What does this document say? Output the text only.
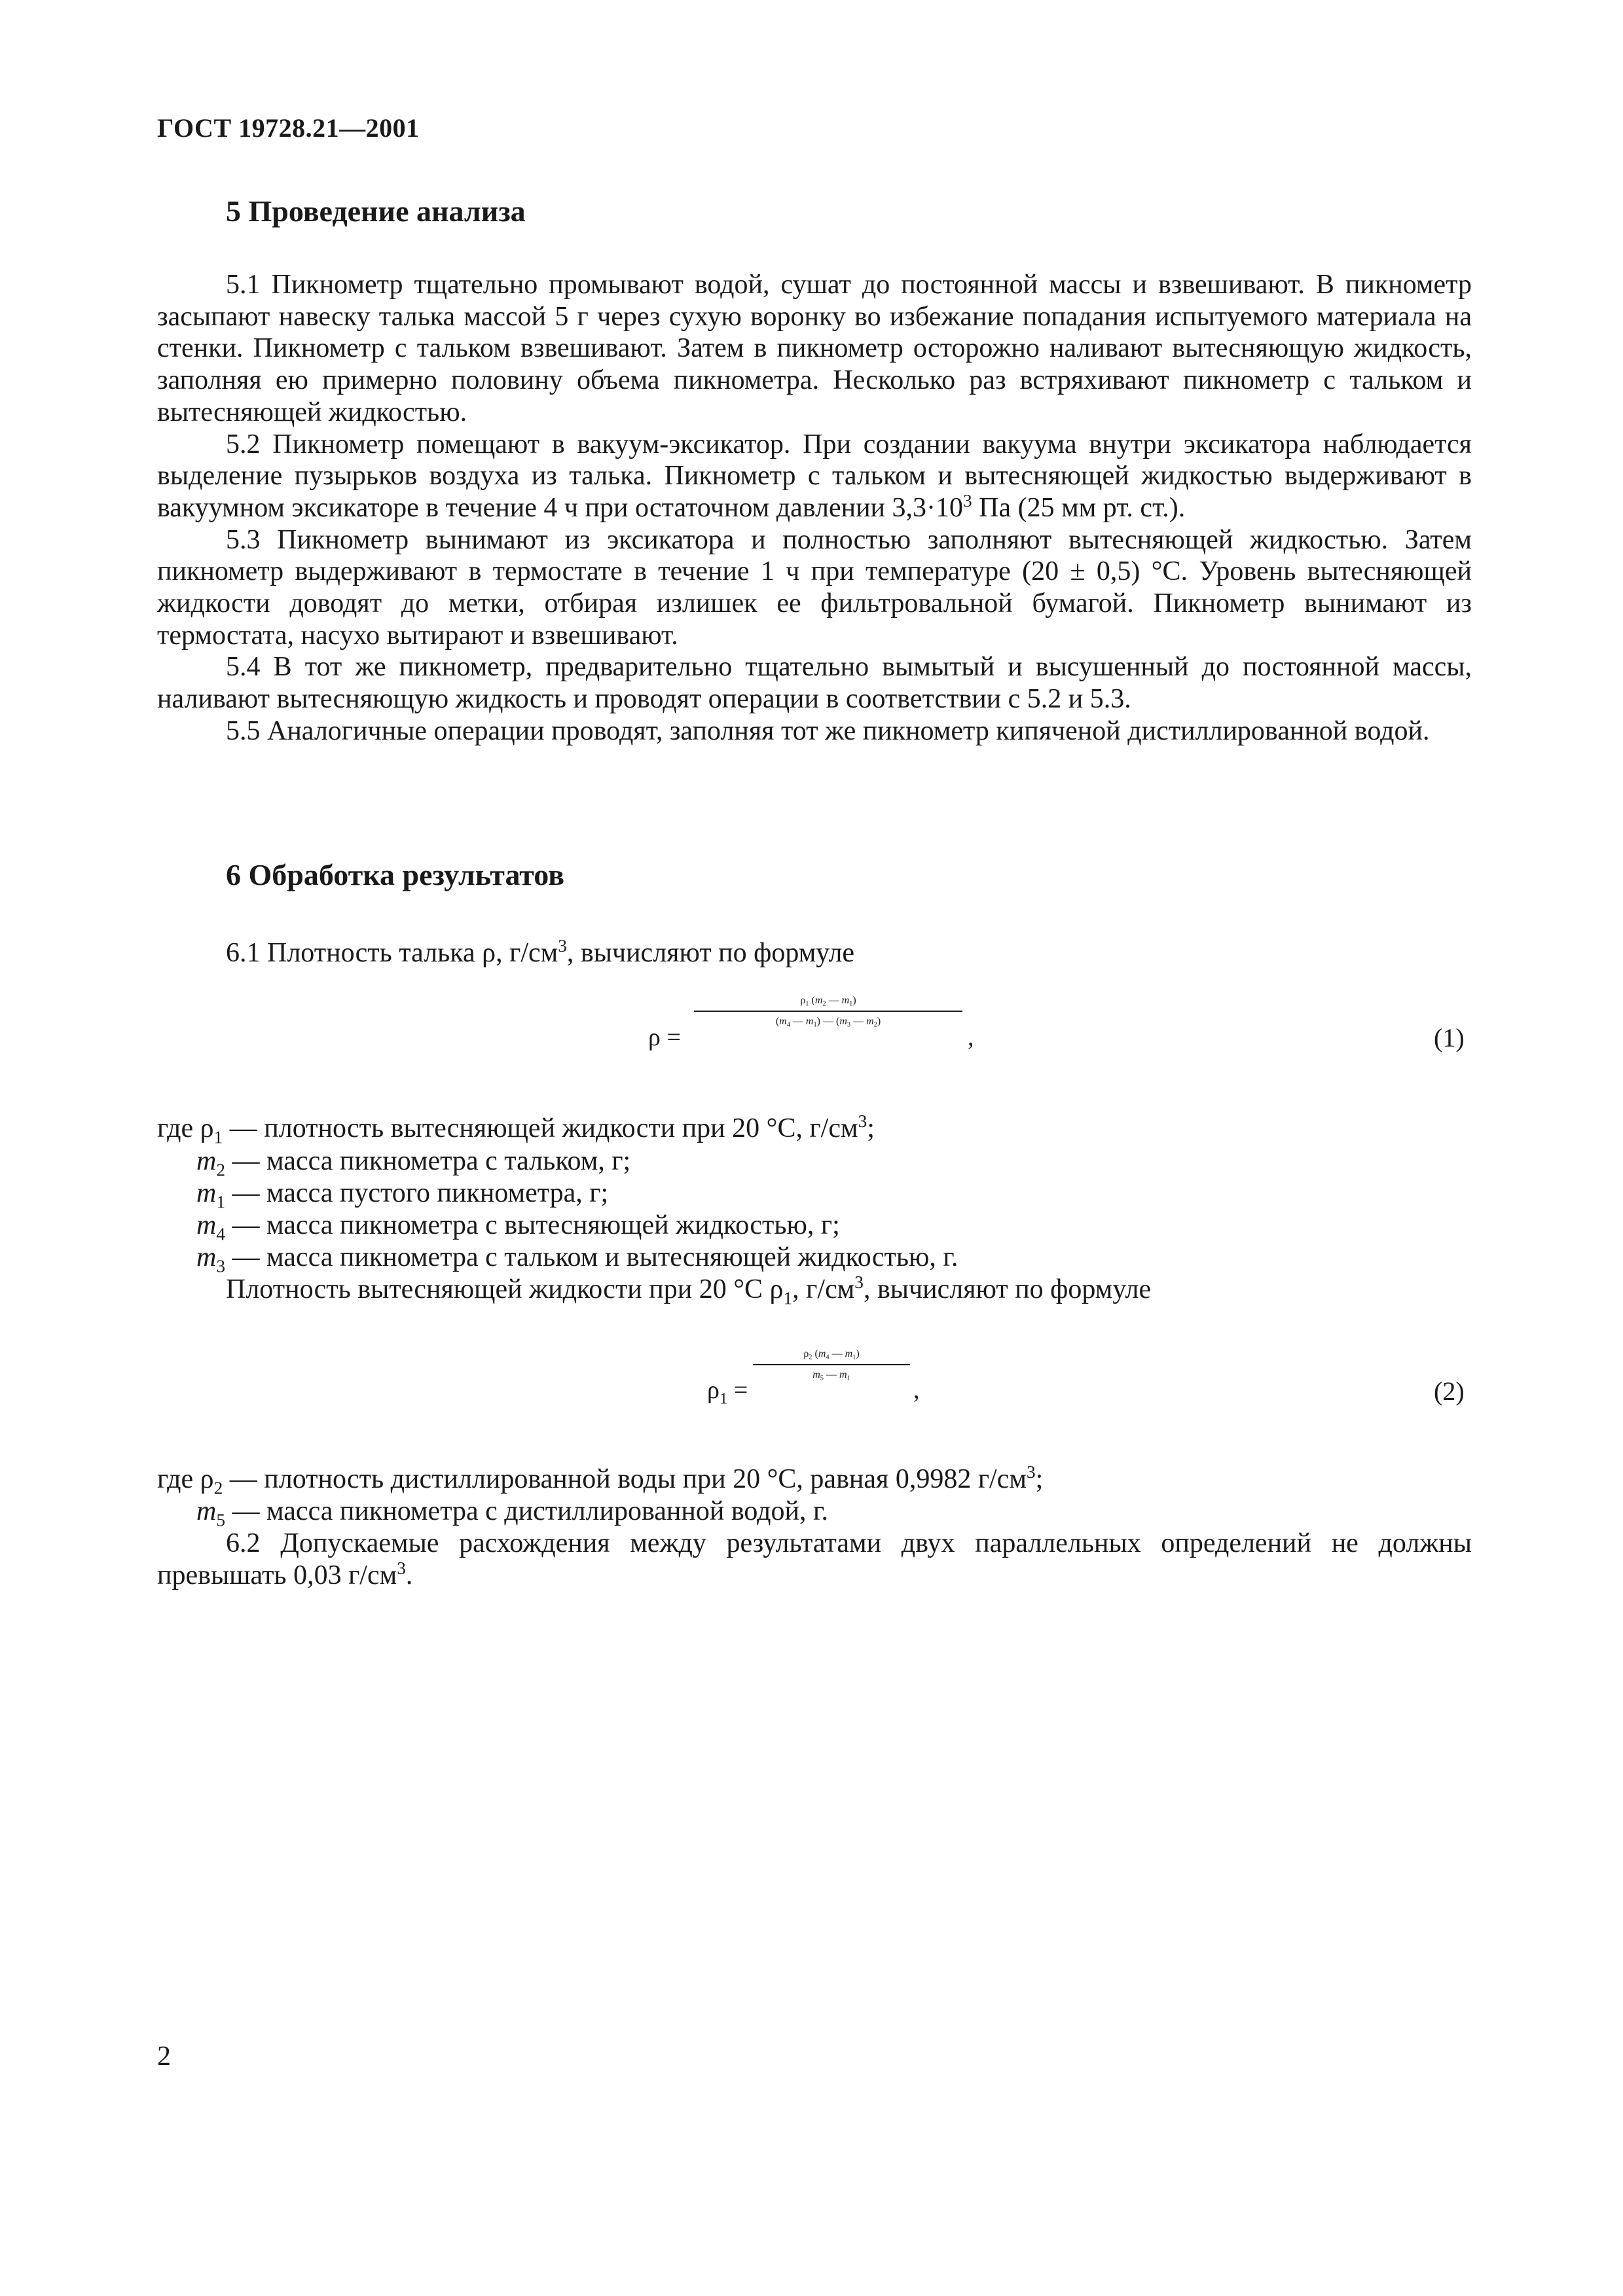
ГОСТ 19728.21—2001
5 Проведение анализа

5.1 Пикнометр тщательно промывают водой, сушат до постоянной массы и взвешивают. В пикнометр засыпают навеску талька массой 5 г через сухую воронку во избежание попадания испытуемого материала на стенки. Пикнометр с тальком взвешивают. Затем в пикнометр осторожно наливают вытесняющую жидкость, заполняя ею примерно половину объема пикнометра. Несколько раз встряхивают пикнометр с тальком и вытесняющей жидкостью.

5.2 Пикнометр помещают в вакуум-эксикатор. При создании вакуума внутри эксикатора наблюдается выделение пузырьков воздуха из талька. Пикнометр с тальком и вытесняющей жидкостью выдерживают в вакуумном эксикаторе в течение 4 ч при остаточном давлении $3,3\cdot 10^3$ Па (25 мм рт. ст.).

5.3 Пикнометр вынимают из эксикатора и полностью заполняют вытесняющей жидкостью. Затем пикнометр выдерживают в термостате в течение 1 ч при температуре (20 ± 0,5) °С. Уровень вытесняющей жидкости доводят до метки, отбирая излишек ее фильтровальной бумагой. Пикнометр вынимают из термостата, насухо вытирают и взвешивают.

5.4 В тот же пикнометр, предварительно тщательно вымытый и высушенный до постоянной массы, наливают вытесняющую жидкость и проводят операции в соответствии с 5.2 и 5.3.

5.5 Аналогичные операции проводят, заполняя тот же пикнометр кипяченой дистиллированной водой.

6 Обработка результатов
6.1 Плотность талька ρ, $г/см^3$, вычисляют по формуле
ρ =
$\rho_1$ ($m_2$ — $m_1$)
($m_4$ — $m_1$) — ($m_3$ — $m_2$)
,	(1)
где $\rho_1$ — плотность вытесняющей жидкости при 20 °С, $г/см^3$;
$m_2$ — масса пикнометра с тальком, г;
$m_1$ — масса пустого пикнометра, г;
$m_4$ — масса пикнометра с вытесняющей жидкостью, г;
$m_3$ — масса пикнометра с тальком и вытесняющей жидкостью, г.
Плотность вытесняющей жидкости при 20 °С $\rho_1$, $г/см^3$, вычисляют по формуле
$\rho_1$ =
$\rho_2$ ($m_4$ — $m_1$)
$m_5$ — $m_1$	,	(2)
где $\rho_2$ — плотность дистиллированной воды при 20 °С, равная 0,9982 $г/см^3$;
$m_5$ — масса пикнометра с дистиллированной водой, г.
6.2 Допускаемые расхождения между результатами двух параллельных определений не должны превышать 0,03 $г/см^3$.
2
